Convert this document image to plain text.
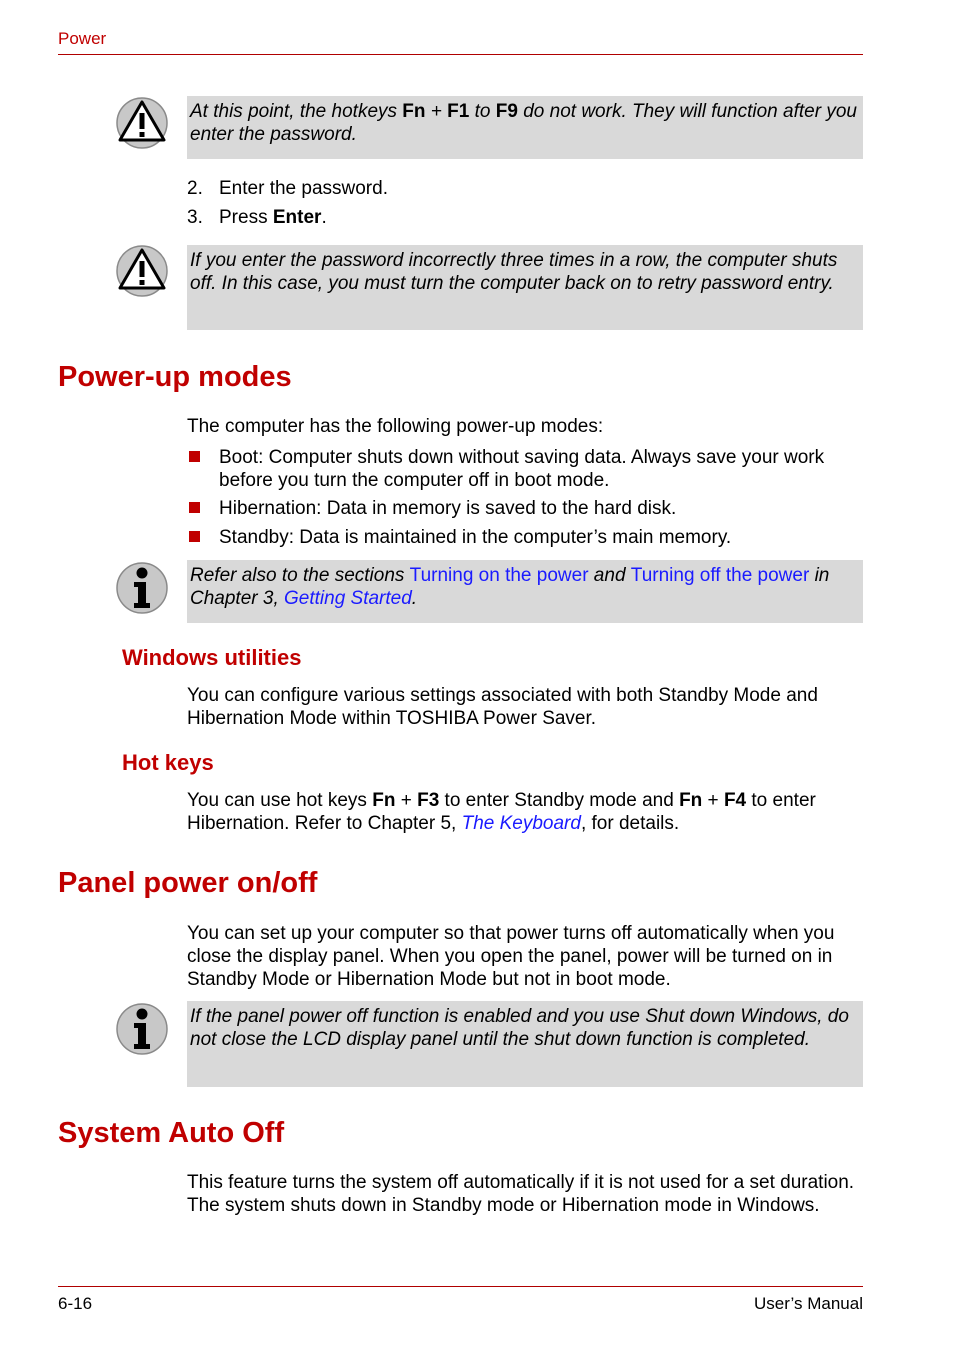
Power
At this point, the hotkeys Fn + F1 to F9 do not work. They will function after you enter the password.
2. Enter the password.
3. Press Enter.
If you enter the password incorrectly three times in a row, the computer shuts off. In this case, you must turn the computer back on to retry password entry.
Power-up modes
The computer has the following power-up modes:
Boot: Computer shuts down without saving data. Always save your work before you turn the computer off in boot mode.
Hibernation: Data in memory is saved to the hard disk.
Standby: Data is maintained in the computer’s main memory.
Refer also to the sections Turning on the power and Turning off the power in Chapter 3, Getting Started.
Windows utilities
You can configure various settings associated with both Standby Mode and Hibernation Mode within TOSHIBA Power Saver.
Hot keys
You can use hot keys Fn + F3 to enter Standby mode and Fn + F4 to enter Hibernation. Refer to Chapter 5, The Keyboard, for details.
Panel power on/off
You can set up your computer so that power turns off automatically when you close the display panel. When you open the panel, power will be turned on in Standby Mode or Hibernation Mode but not in boot mode.
If the panel power off function is enabled and you use Shut down Windows, do not close the LCD display panel until the shut down function is completed.
System Auto Off
This feature turns the system off automatically if it is not used for a set duration. The system shuts down in Standby mode or Hibernation mode in Windows.
6-16	User’s Manual
